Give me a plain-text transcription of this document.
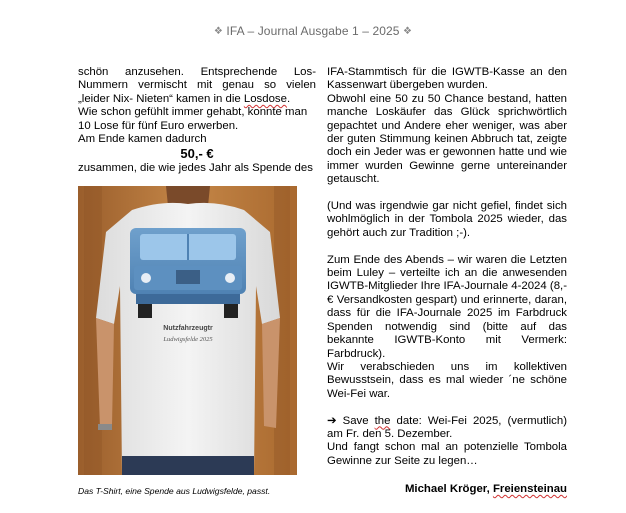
❖ IFA – Journal Ausgabe 1 – 2025 ❖

schön anzusehen. Entsprechende Los-Nummern vermischt mit genau so vielen „leider Nix- Nieten“ kamen in die Losdose.

Wie schon gefühlt immer gehabt, konnte man 10 Lose für fünf Euro erwerben.

Am Ende kamen dadurch

50,- €

zusammen, die wie jedes Jahr als Spende des

Nutzfahrzeugtr
Ludwigsfelde 2025
Das T-Shirt, eine Spende aus Ludwigsfelde, passt.

IFA-Stammtisch für die IGWTB-Kasse an den Kassenwart übergeben wurden.

Obwohl eine 50 zu 50 Chance bestand, hatten manche Loskäufer das Glück sprichwörtlich gepachtet und Andere eher weniger, was aber der guten Stimmung keinen Abbruch tat, zeigte doch ein Jeder was er gewonnen hatte und wie immer wurden Gewinne gerne untereinander getauscht.

(Und was irgendwie gar nicht gefiel, findet sich wohlmöglich in der Tombola 2025 wieder, das gehört auch zur Tradition ;-).

Zum Ende des Abends – wir waren die Letzten beim Luley – verteilte ich an die anwesenden IGWTB-Mitglieder Ihre IFA-Journale 4-2024 (8,-€ Versandkosten gespart) und erinnerte, daran, dass für die IFA-Journale 2025 im Farbdruck Spenden notwendig sind (bitte auf das bekannte IGWTB-Konto mit Vermerk: Farbdruck).

Wir verabschieden uns im kollektiven Bewusstsein, dass es mal wieder ´ne schöne Wei-Fei war.

➔ Save the date: Wei-Fei 2025, (vermutlich) am Fr. den 5. Dezember.

Und fangt schon mal an potenzielle Tombola Gewinne zur Seite zu legen…

Michael Kröger, Freiensteinau
